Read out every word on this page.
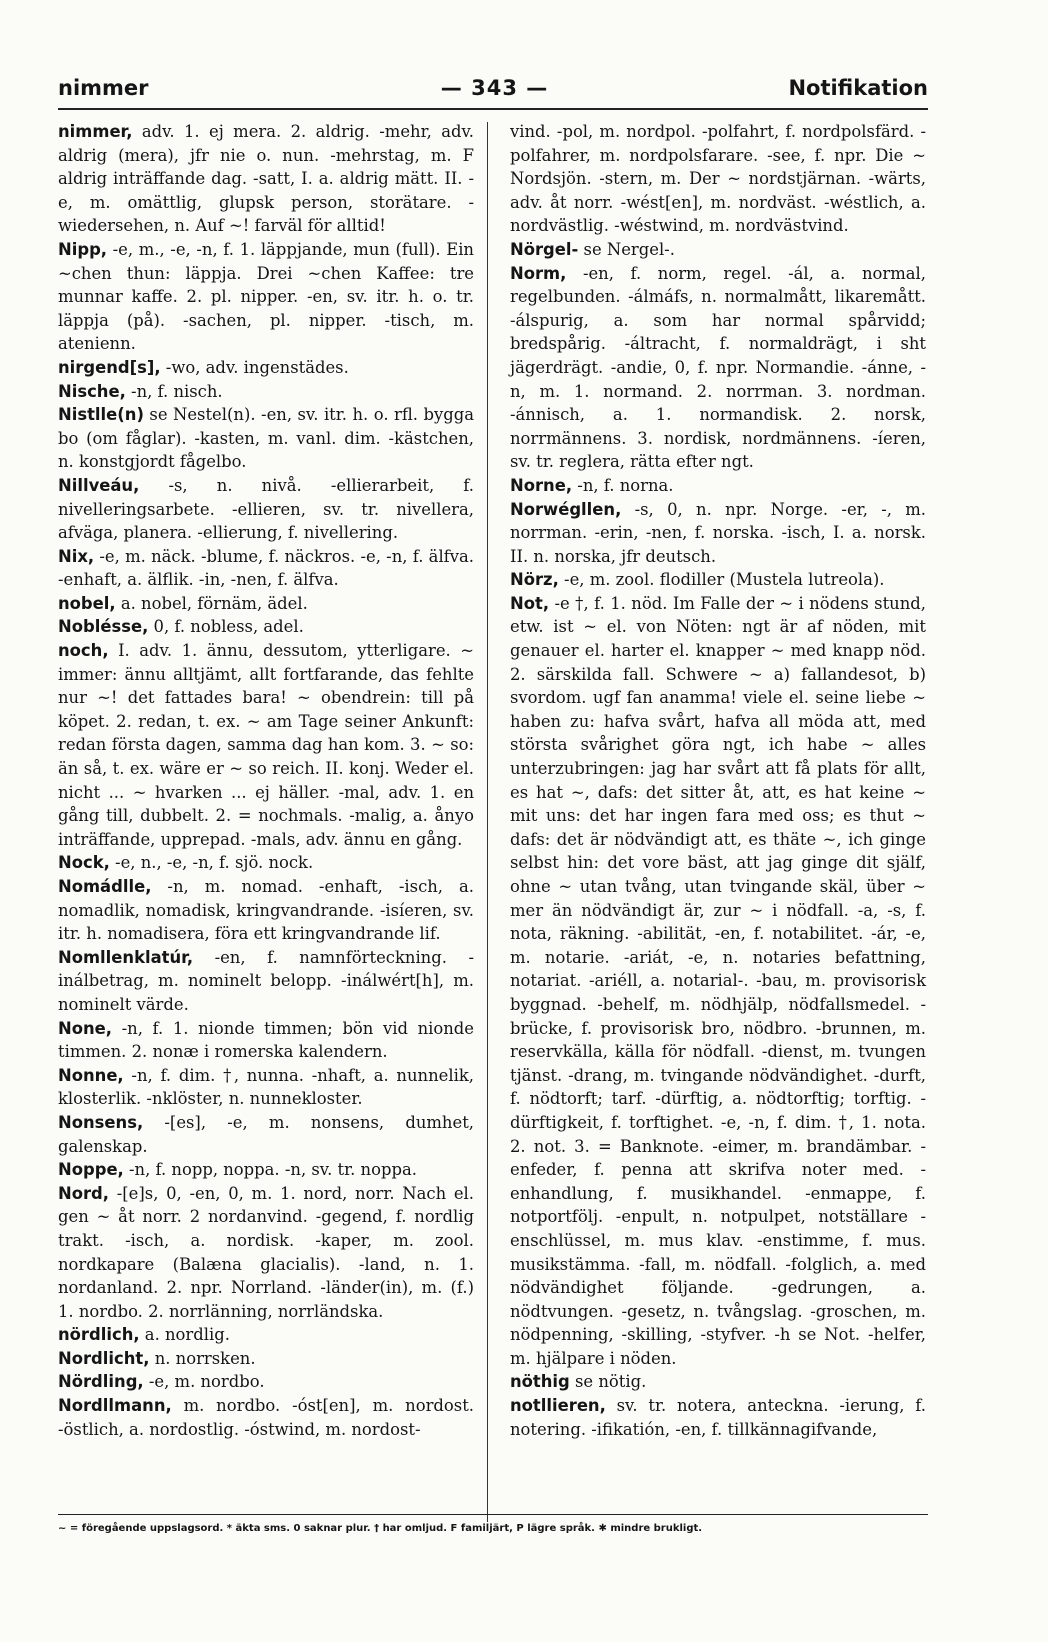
nimmer	— 343 —	Notifikation

nimmer, adv. 1. ej mera. 2. aldrig. -mehr, adv. aldrig (mera), jfr nie o. nun. -mehrstag, m. F aldrig inträffande dag. -satt, I. a. aldrig mätt. II. -e, m. omättlig, glupsk person, storätare. -wiedersehen, n. Auf ~! farväl för alltid!

Nipp, -e, m., -e, -n, f. 1. läppjande, mun (full). Ein ~chen thun: läppja. Drei ~chen Kaffee: tre munnar kaffe. 2. pl. nipper. -en, sv. itr. h. o. tr. läppja (på). -sachen, pl. nipper. -tisch, m. atenienn.

nirgend[s], -wo, adv. ingenstädes.

Nische, -n, f. nisch.

Nistlle(n) se Nestel(n). -en, sv. itr. h. o. rfl. bygga bo (om fåglar). -kasten, m. vanl. dim. -kästchen, n. konstgjordt fågelbo.

Nillveáu, -s, n. nivå. -ellierarbeit, f. nivelleringsarbete. -ellieren, sv. tr. nivellera, afväga, planera. -ellierung, f. nivellering.

Nix, -e, m. näck. -blume, f. näckros. -e, -n, f. älfva. -enhaft, a. älflik. -in, -nen, f. älfva.

nobel, a. nobel, förnäm, ädel.

Noblésse, 0, f. nobless, adel.

noch, I. adv. 1. ännu, dessutom, ytterligare. ~ immer: ännu alltjämt, allt fortfarande, das fehlte nur ~! det fattades bara! ~ obendrein: till på köpet. 2. redan, t. ex. ~ am Tage seiner Ankunft: redan första dagen, samma dag han kom. 3. ~ so: än så, t. ex. wäre er ~ so reich. II. konj. Weder el. nicht ... ~ hvarken ... ej häller. -mal, adv. 1. en gång till, dubbelt. 2. = nochmals. -malig, a. ånyo inträffande, upprepad. -mals, adv. ännu en gång.

Nock, -e, n., -e, -n, f. sjö. nock.

Nomádlle, -n, m. nomad. -enhaft, -isch, a. nomadlik, nomadisk, kringvandrande. -isíeren, sv. itr. h. nomadisera, föra ett kringvandrande lif.

Nomllenklatúr, -en, f. namnförteckning. -inálbetrag, m. nominelt belopp. -inálwért[h], m. nominelt värde.

None, -n, f. 1. nionde timmen; bön vid nionde timmen. 2. nonæ i romerska kalendern.

Nonne, -n, f. dim. †, nunna. -nhaft, a. nunnelik, klosterlik. -nklöster, n. nunnekloster.

Nonsens, -[es], -e, m. nonsens, dumhet, galenskap.

Noppe, -n, f. nopp, noppa. -n, sv. tr. noppa.

Nord, -[e]s, 0, -en, 0, m. 1. nord, norr. Nach el. gen ~ åt norr. 2 nordanvind. -gegend, f. nordlig trakt. -isch, a. nordisk. -kaper, m. zool. nordkapare (Balæna glacialis). -land, n. 1. nordanland. 2. npr. Norrland. -länder(in), m. (f.) 1. nordbo. 2. norrlänning, norrländska.

nördlich, a. nordlig.

Nordlicht, n. norrsken.

Nördling, -e, m. nordbo.

Nordllmann, m. nordbo. -óst[en], m. nordost. -östlich, a. nordostlig. -óstwind, m. nordost-

vind. -pol, m. nordpol. -polfahrt, f. nordpolsfärd. -polfahrer, m. nordpolsfarare. -see, f. npr. Die ~ Nordsjön. -stern, m. Der ~ nordstjärnan. -wärts, adv. åt norr. -wést[en], m. nordväst. -wéstlich, a. nordvästlig. -wéstwind, m. nordvästvind.

Nörgel- se Nergel-.

Norm, -en, f. norm, regel. -ál, a. normal, regelbunden. -álmáfs, n. normalmått, likaremått. -álspurig, a. som har normal spårvidd; bredspårig. -áltracht, f. normaldrägt, i sht jägerdrägt. -andie, 0, f. npr. Normandie. -ánne, -n, m. 1. normand. 2. norrman. 3. nordman. -ánnisch, a. 1. normandisk. 2. norsk, norrmännens. 3. nordisk, nordmännens. -íeren, sv. tr. reglera, rätta efter ngt.

Norne, -n, f. norna.

Norwégllen, -s, 0, n. npr. Norge. -er, -, m. norrman. -erin, -nen, f. norska. -isch, I. a. norsk. II. n. norska, jfr deutsch.

Nörz, -e, m. zool. flodiller (Mustela lutreola).

Not, -e †, f. 1. nöd. Im Falle der ~ i nödens stund, etw. ist ~ el. von Nöten: ngt är af nöden, mit genauer el. harter el. knapper ~ med knapp nöd. 2. särskilda fall. Schwere ~ a) fallandesot, b) svordom. ugf fan anamma! viele el. seine liebe ~ haben zu: hafva svårt, hafva all möda att, med största svårighet göra ngt, ich habe ~ alles unterzubringen: jag har svårt att få plats för allt, es hat ~, dafs: det sitter åt, att, es hat keine ~ mit uns: det har ingen fara med oss; es thut ~ dafs: det är nödvändigt att, es thäte ~, ich ginge selbst hin: det vore bäst, att jag ginge dit själf, ohne ~ utan tvång, utan tvingande skäl, über ~ mer än nödvändigt är, zur ~ i nödfall. -a, -s, f. nota, räkning. -abilität, -en, f. notabilitet. -ár, -e, m. notarie. -ariát, -e, n. notaries befattning, notariat. -ariéll, a. notarial-. -bau, m. provisorisk byggnad. -behelf, m. nödhjälp, nödfallsmedel. -brücke, f. provisorisk bro, nödbro. -brunnen, m. reservkälla, källa för nödfall. -dienst, m. tvungen tjänst. -drang, m. tvingande nödvändighet. -durft, f. nödtorft; tarf. -dürftig, a. nödtorftig; torftig. -dürftigkeit, f. torftighet. -e, -n, f. dim. †, 1. nota. 2. not. 3. = Banknote. -eimer, m. brandämbar. -enfeder, f. penna att skrifva noter med. -enhandlung, f. musikhandel. -enmappe, f. notportfölj. -enpult, n. notpulpet, notställare -enschlüssel, m. mus klav. -enstimme, f. mus. musikstämma. -fall, m. nödfall. -folglich, a. med nödvändighet följande. -gedrungen, a. nödtvungen. -gesetz, n. tvångslag. -groschen, m. nödpenning, -skilling, -styfver. -h se Not. -helfer, m. hjälpare i nöden.

nöthig se nötig.

notllieren, sv. tr. notera, anteckna. -ierung, f. notering. -ifikatión, -en, f. tillkännagifvande,

~ = föregående uppslagsord. * äkta sms. 0 saknar plur. † har omljud. F familjärt, P lägre språk. ✱ mindre brukligt.
